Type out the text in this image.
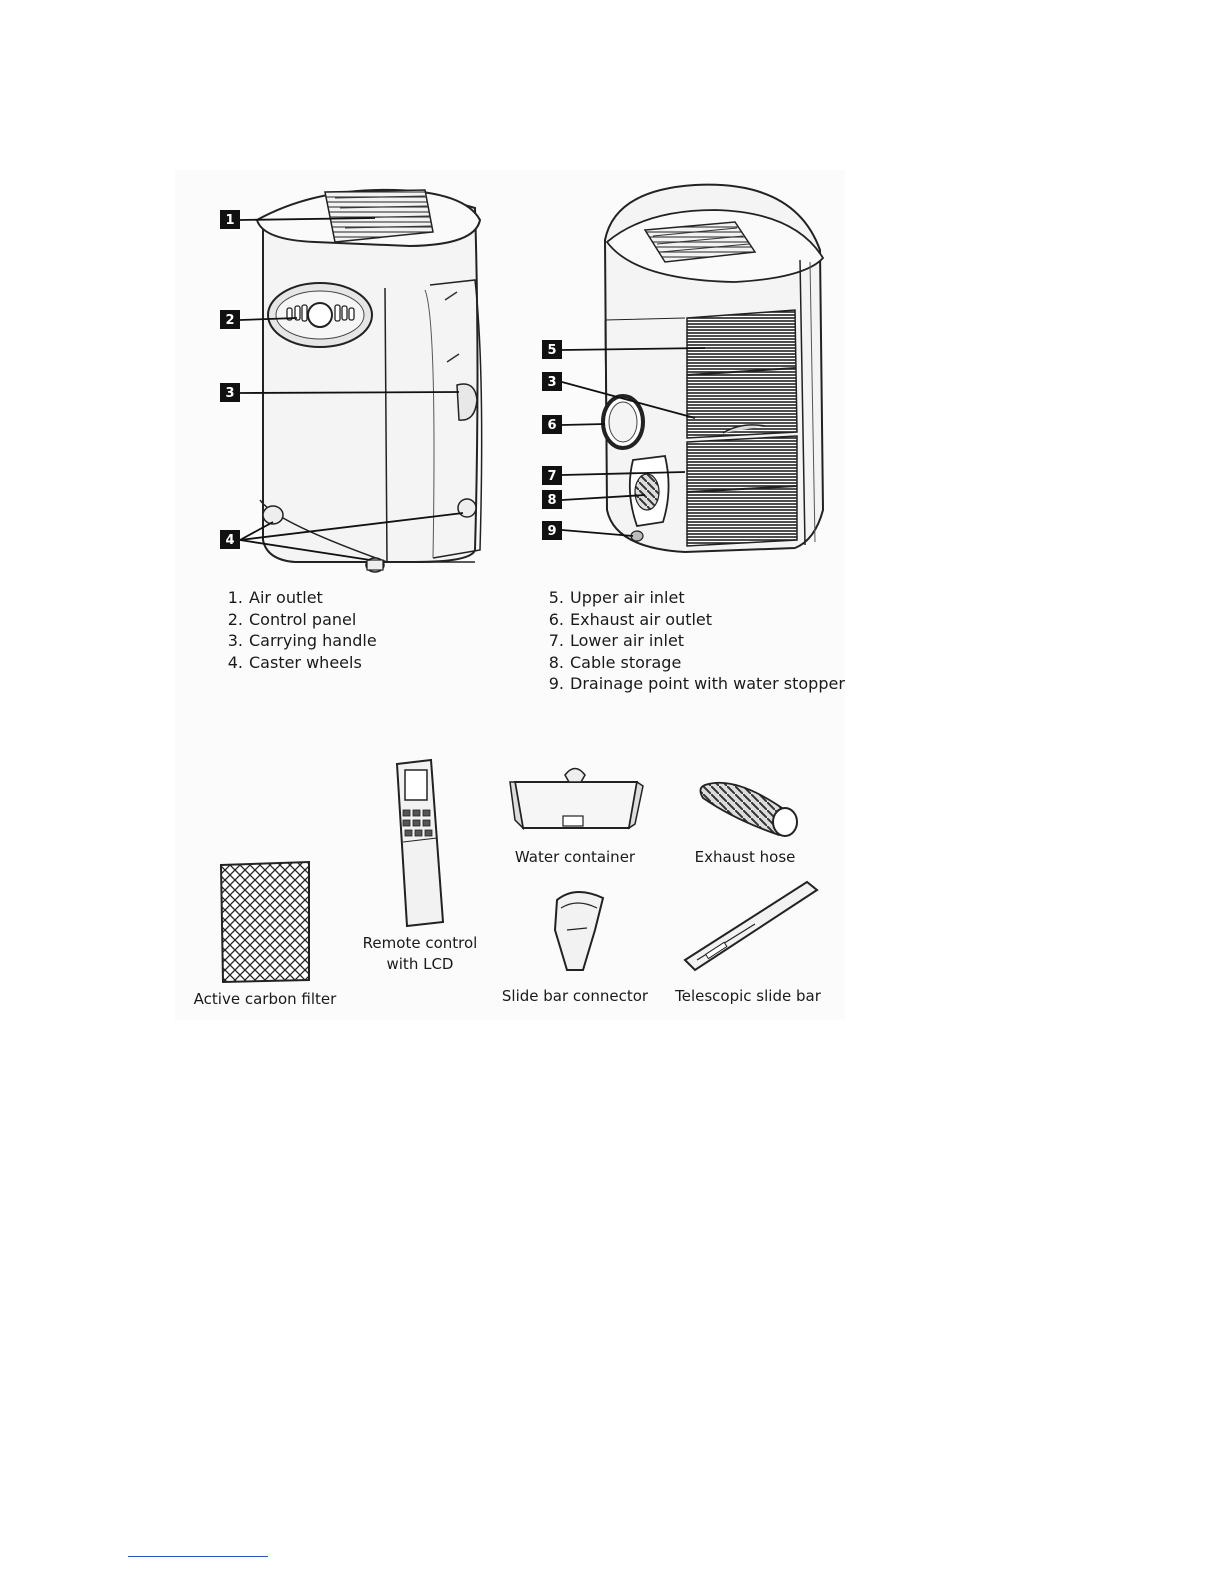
1
2
3
4
5
3
6
7
8
9
1. Air outlet
2. Control panel
3. Carrying handle
4. Caster wheels
5. Upper air inlet
6. Exhaust air outlet
7. Lower air inlet
8. Cable storage
9. Drainage point with water stopper
Water container	Exhaust hose
Remote control
with LCD
Active carbon filter	Slide bar connector	Telescopic slide bar
